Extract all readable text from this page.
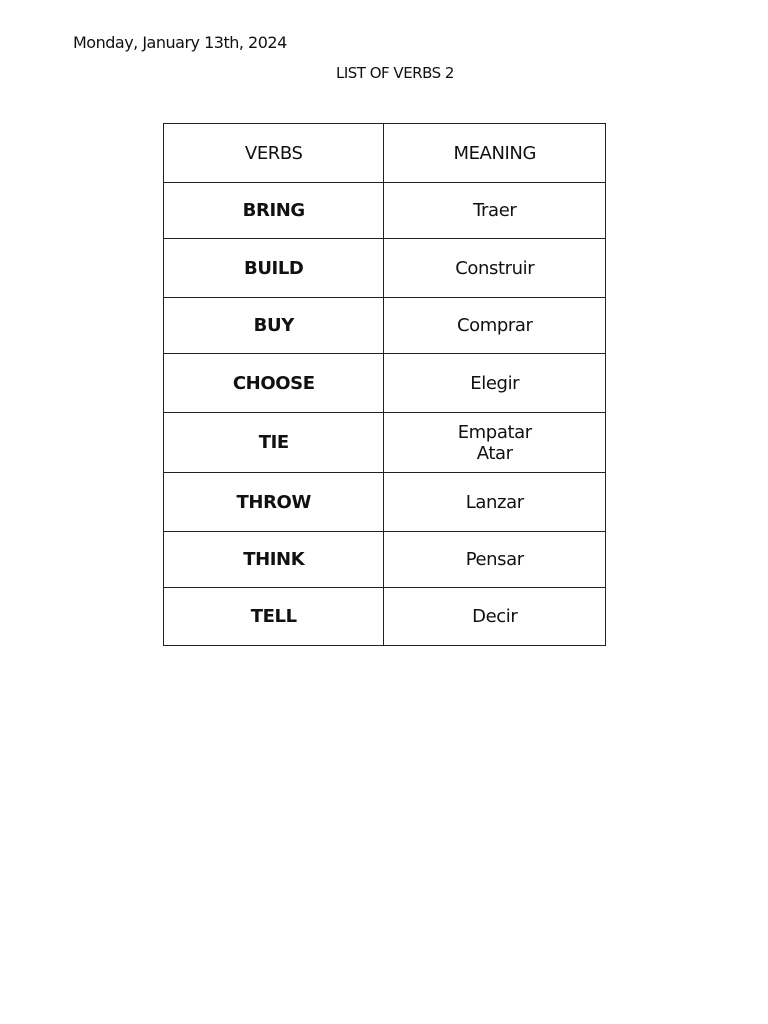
Monday, January 13th, 2024
LIST OF VERBS 2
VERBS	MEANING
BRING	Traer
BUILD	Construir
BUY	Comprar
CHOOSE	Elegir
TIE	Empatar
Atar
THROW	Lanzar
THINK	Pensar
TELL	Decir
